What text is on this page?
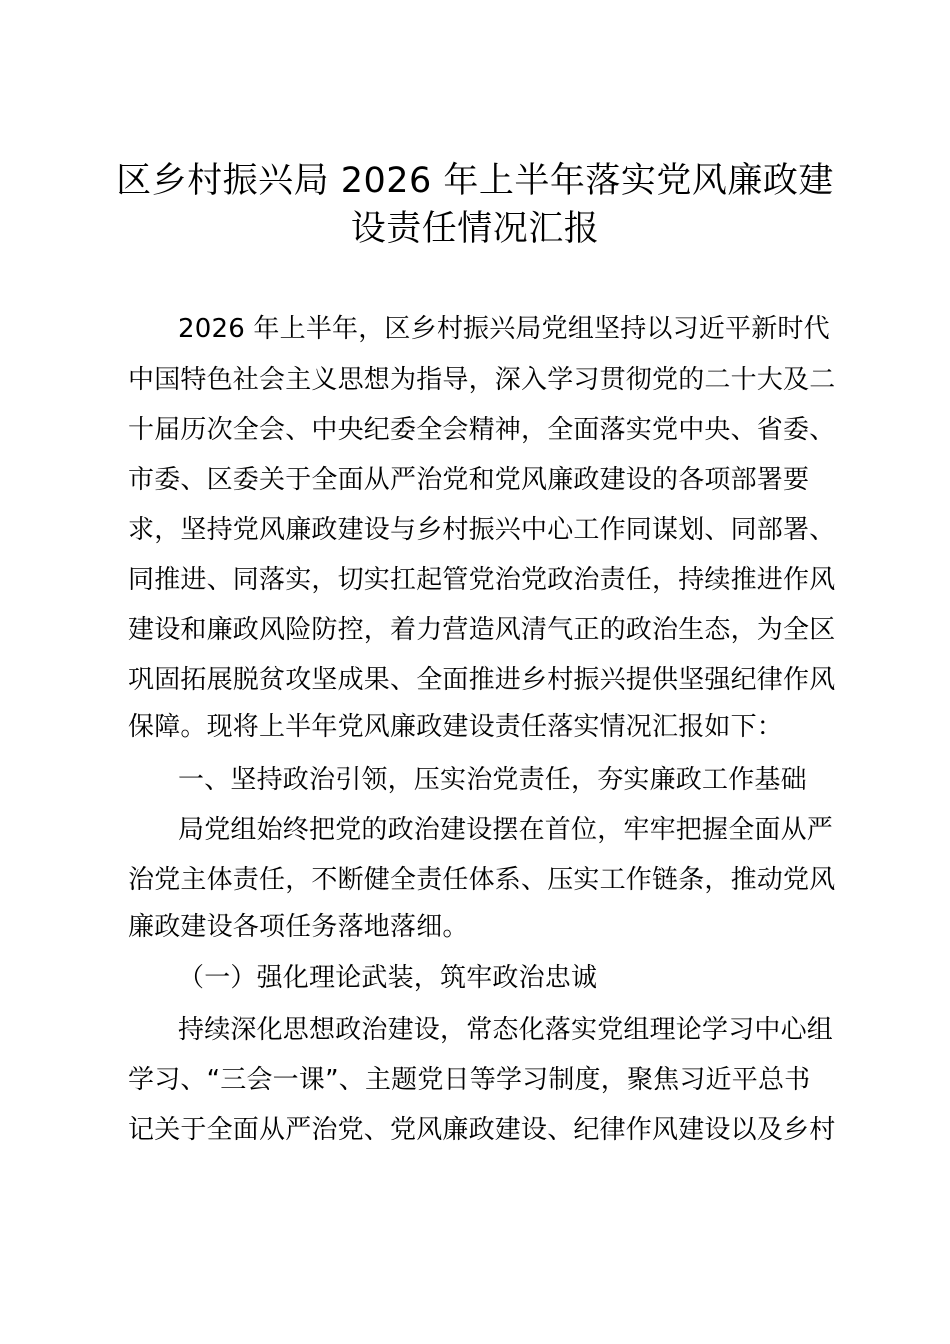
区乡村振兴局 2026 年上半年落实党风廉政建
设责任情况汇报
2026 年上半年，区乡村振兴局党组坚持以习近平新时代
中国特色社会主义思想为指导，深入学习贯彻党的二十大及二
十届历次全会、中央纪委全会精神，全面落实党中央、省委、
市委、区委关于全面从严治党和党风廉政建设的各项部署要
求，坚持党风廉政建设与乡村振兴中心工作同谋划、同部署、
同推进、同落实，切实扛起管党治党政治责任，持续推进作风
建设和廉政风险防控，着力营造风清气正的政治生态，为全区
巩固拓展脱贫攻坚成果、全面推进乡村振兴提供坚强纪律作风
保障。现将上半年党风廉政建设责任落实情况汇报如下：
一、坚持政治引领，压实治党责任，夯实廉政工作基础
局党组始终把党的政治建设摆在首位，牢牢把握全面从严
治党主体责任，不断健全责任体系、压实工作链条，推动党风
廉政建设各项任务落地落细。
（一）强化理论武装，筑牢政治忠诚
持续深化思想政治建设，常态化落实党组理论学习中心组
学习、“三会一课”、主题党日等学习制度，聚焦习近平总书
记关于全面从严治党、党风廉政建设、纪律作风建设以及乡村
